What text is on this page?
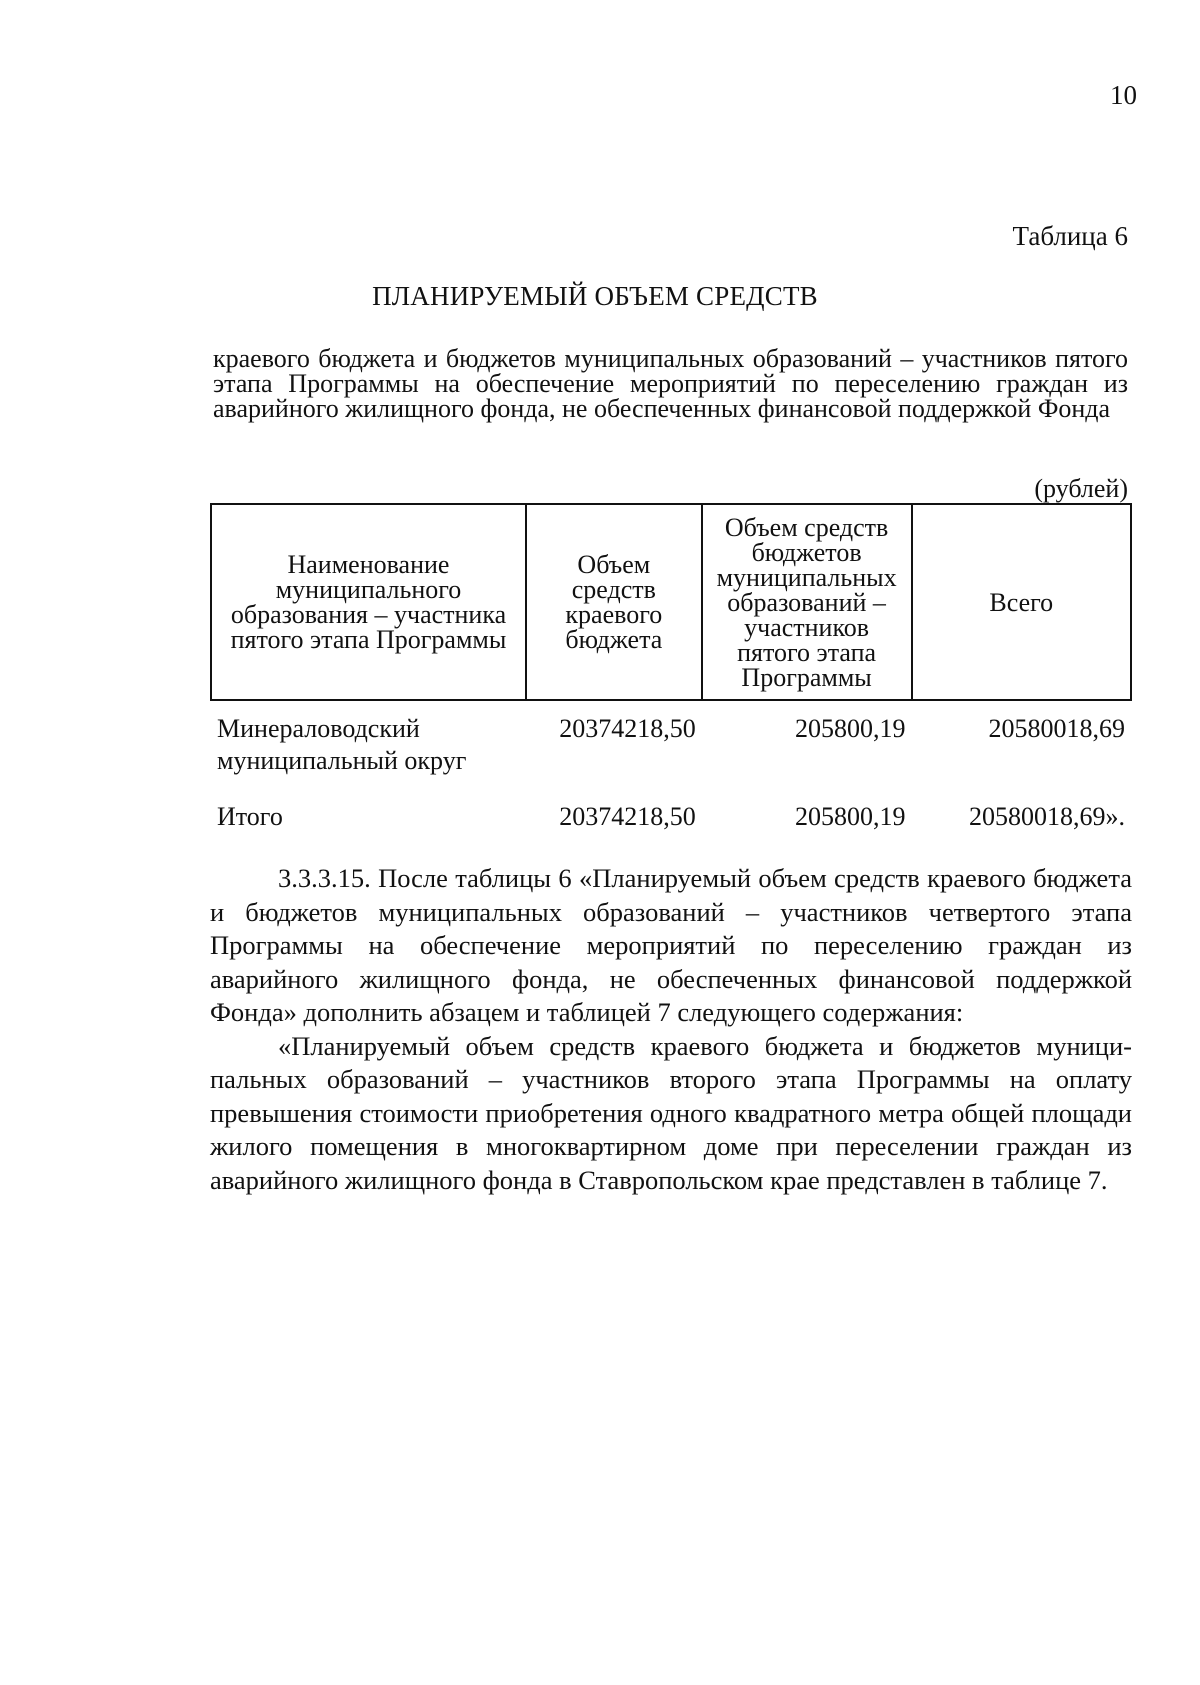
10
Таблица 6
ПЛАНИРУЕМЫЙ ОБЪЕМ СРЕДСТВ
краевого бюджета и бюджетов муниципальных образований – участников пятого этапа Программы на обеспечение мероприятий по переселению граждан из аварийного жилищного фонда, не обеспеченных финансовой поддержкой Фонда
(рублей)
Наименование муниципального образования – участника пятого этапа Программы	Объем средств краевого бюджета	Объем средств бюджетов муниципальных образований – участников пятого этапа Программы	Всего
Минераловодский муниципальный округ	20374218,50	205800,19	20580018,69
Итого	20374218,50	205800,19	20580018,69».

3.3.3.15. После таблицы 6 «Планируемый объем средств краевого бюджета и бюджетов муниципальных образований – участников четвертого этапа Программы на обеспечение мероприятий по переселению граждан из аварийного жилищного фонда, не обеспеченных финансовой поддержкой Фонда» дополнить абзацем и таблицей 7 следующего содержания:

«Планируемый объем средств краевого бюджета и бюджетов муниципальных образований – участников второго этапа Программы на оплату превышения стоимости приобретения одного квадратного метра общей площади жилого помещения в многоквартирном доме при переселении граждан из аварийного жилищного фонда в Ставропольском крае представлен в таблице 7.
